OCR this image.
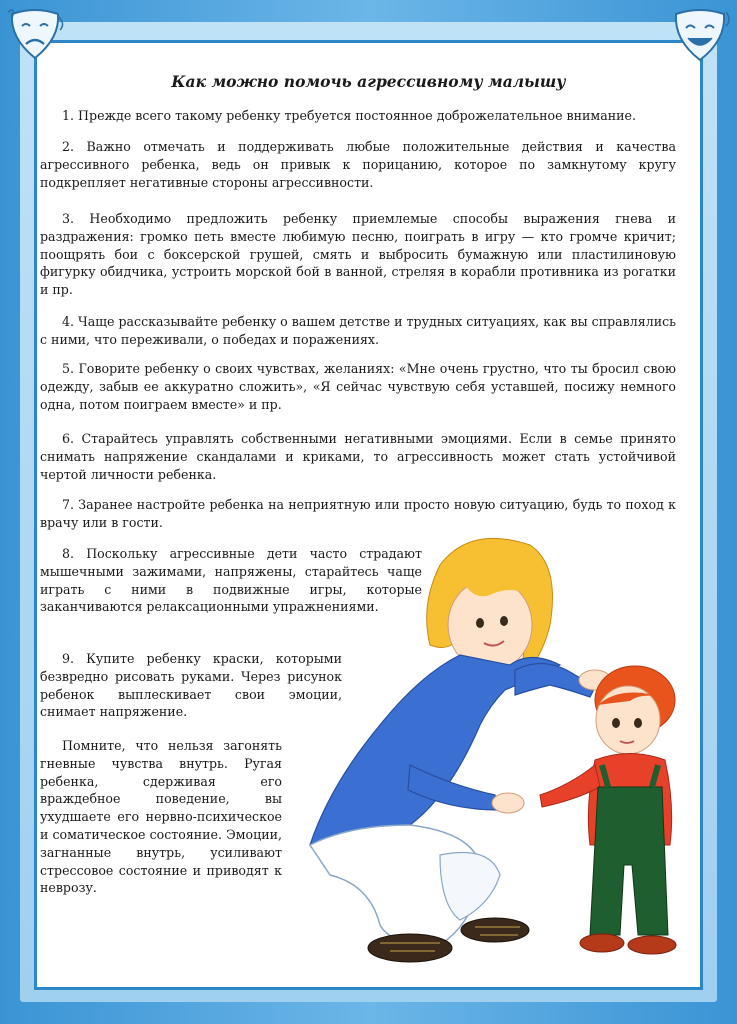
Как можно помочь агрессивному малышу

1. Прежде всего такому ребенку требуется постоянное доброжелательное внимание.

2. Важно отмечать и поддерживать любые положительные действия и качества агрессивного ребенка, ведь он привык к порицанию, которое по замкнутому кругу подкрепляет негативные стороны агрессивности.

3. Необходимо предложить ребенку приемлемые способы выражения гнева и раздражения: громко петь вместе любимую песню, поиграть в игру — кто громче кричит; поощрять бои с боксерской грушей, смять и выбросить бумажную или пластилиновую фигурку обидчика, устроить морской бой в ванной, стреляя в корабли противника из рогатки и пр.

4. Чаще рассказывайте ребенку о вашем детстве и трудных ситуациях, как вы справлялись с ними, что переживали, о победах и поражениях.

5. Говорите ребенку о своих чувствах, желаниях: «Мне очень грустно, что ты бросил свою одежду, забыв ее аккуратно сложить», «Я сейчас чувствую себя уставшей, посижу немного одна, потом поиграем вместе» и пр.

6. Старайтесь управлять собственными негативными эмоциями. Если в семье принято снимать напряжение скандалами и криками, то агрессивность может стать устойчивой чертой личности ребенка.

7. Заранее настройте ребенка на неприятную или просто новую ситуацию, будь то поход к врачу или в гости.

8. Поскольку агрессивные дети часто страдают мышечными зажимами, напряжены, старайтесь чаще играть с ними в подвижные игры, которые заканчиваются релаксационными упражнениями.

9. Купите ребенку краски, которыми безвредно рисовать руками. Через рисунок ребенок выплескивает свои эмоции, снимает напряжение.

Помните, что нельзя загонять гневные чувства внутрь. Ругая ребенка, сдерживая его враждебное поведение, вы ухудшаете его нервно-психическое и соматическое состояние. Эмоции, загнанные внутрь, усиливают стрессовое состояние и приводят к неврозу.
